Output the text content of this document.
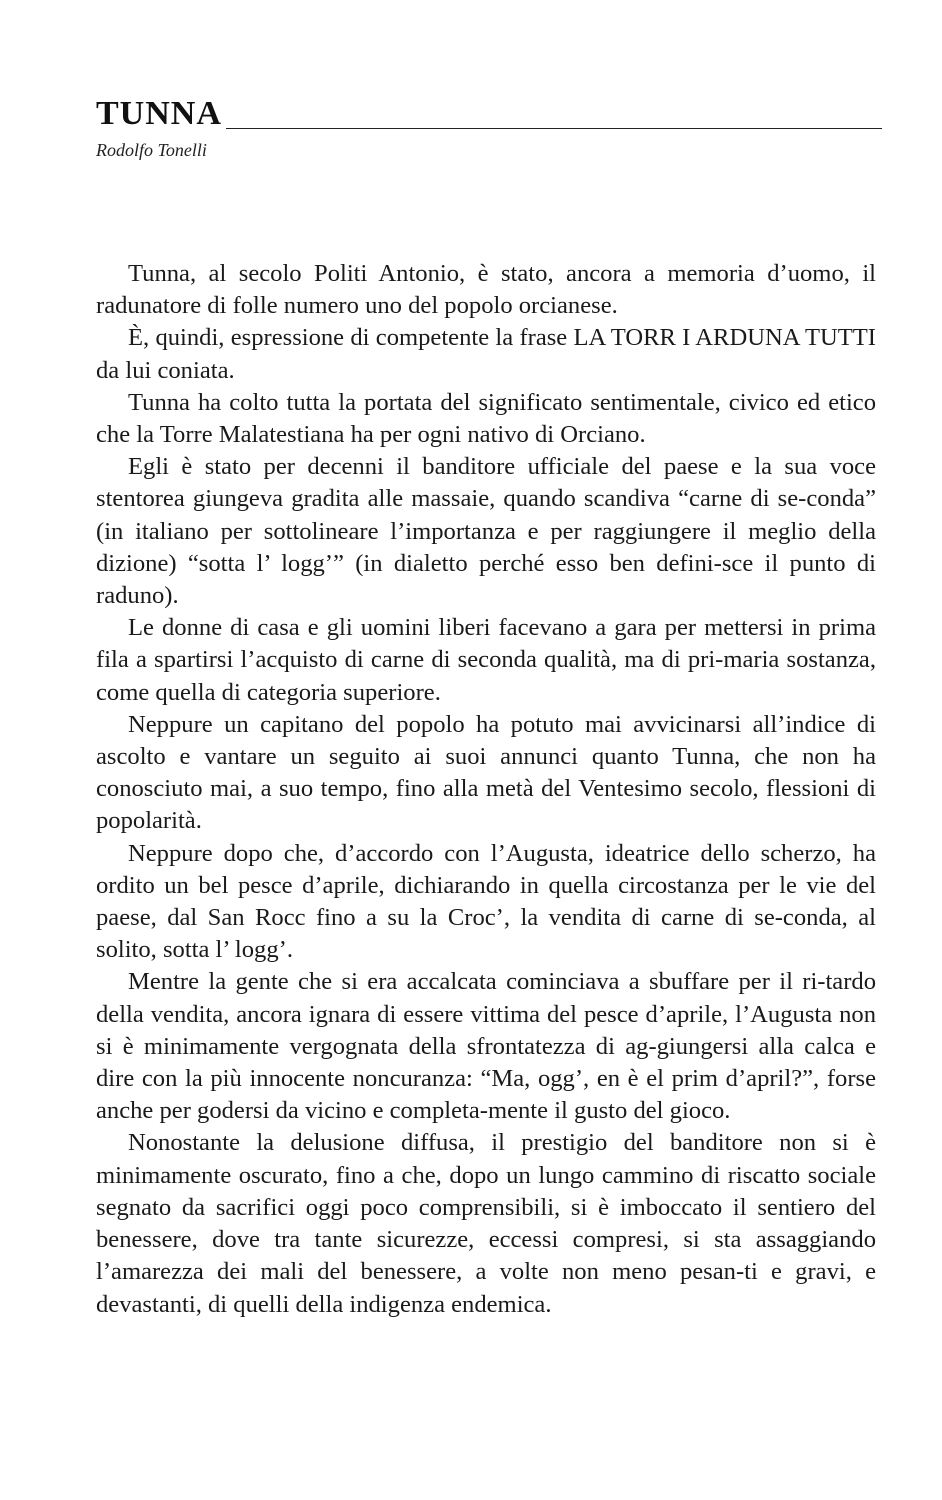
TUNNA
Rodolfo Tonelli

Tunna, al secolo Politi Antonio, è stato, ancora a memoria d’uomo, il radunatore di folle numero uno del popolo orcianese.

È, quindi, espressione di competente la frase LA TORR I ARDUNA TUTTI da lui coniata.

Tunna ha colto tutta la portata del significato sentimentale, civico ed etico che la Torre Malatestiana ha per ogni nativo di Orciano.

Egli è stato per decenni il banditore ufficiale del paese e la sua voce stentorea giungeva gradita alle massaie, quando scandiva “carne di se-conda” (in italiano per sottolineare l’importanza e per raggiungere il meglio della dizione) “sotta l’ logg’” (in dialetto perché esso ben defini-sce il punto di raduno).

Le donne di casa e gli uomini liberi facevano a gara per mettersi in prima fila a spartirsi l’acquisto di carne di seconda qualità, ma di pri-maria sostanza, come quella di categoria superiore.

Neppure un capitano del popolo ha potuto mai avvicinarsi all’indice di ascolto e vantare un seguito ai suoi annunci quanto Tunna, che non ha conosciuto mai, a suo tempo, fino alla metà del Ventesimo secolo, flessioni di popolarità.

Neppure dopo che, d’accordo con l’Augusta, ideatrice dello scherzo, ha ordito un bel pesce d’aprile, dichiarando in quella circostanza per le vie del paese, dal San Rocc fino a su la Croc’, la vendita di carne di se-conda, al solito, sotta l’ logg’.

Mentre la gente che si era accalcata cominciava a sbuffare per il ri-tardo della vendita, ancora ignara di essere vittima del pesce d’aprile, l’Augusta non si è minimamente vergognata della sfrontatezza di ag-giungersi alla calca e dire con la più innocente noncuranza: “Ma, ogg’, en è el prim d’april?”, forse anche per godersi da vicino e completa-mente il gusto del gioco.

Nonostante la delusione diffusa, il prestigio del banditore non si è minimamente oscurato, fino a che, dopo un lungo cammino di riscatto sociale segnato da sacrifici oggi poco comprensibili, si è imboccato il sentiero del benessere, dove tra tante sicurezze, eccessi compresi, si sta assaggiando l’amarezza dei mali del benessere, a volte non meno pesan-ti e gravi, e devastanti, di quelli della indigenza endemica.
